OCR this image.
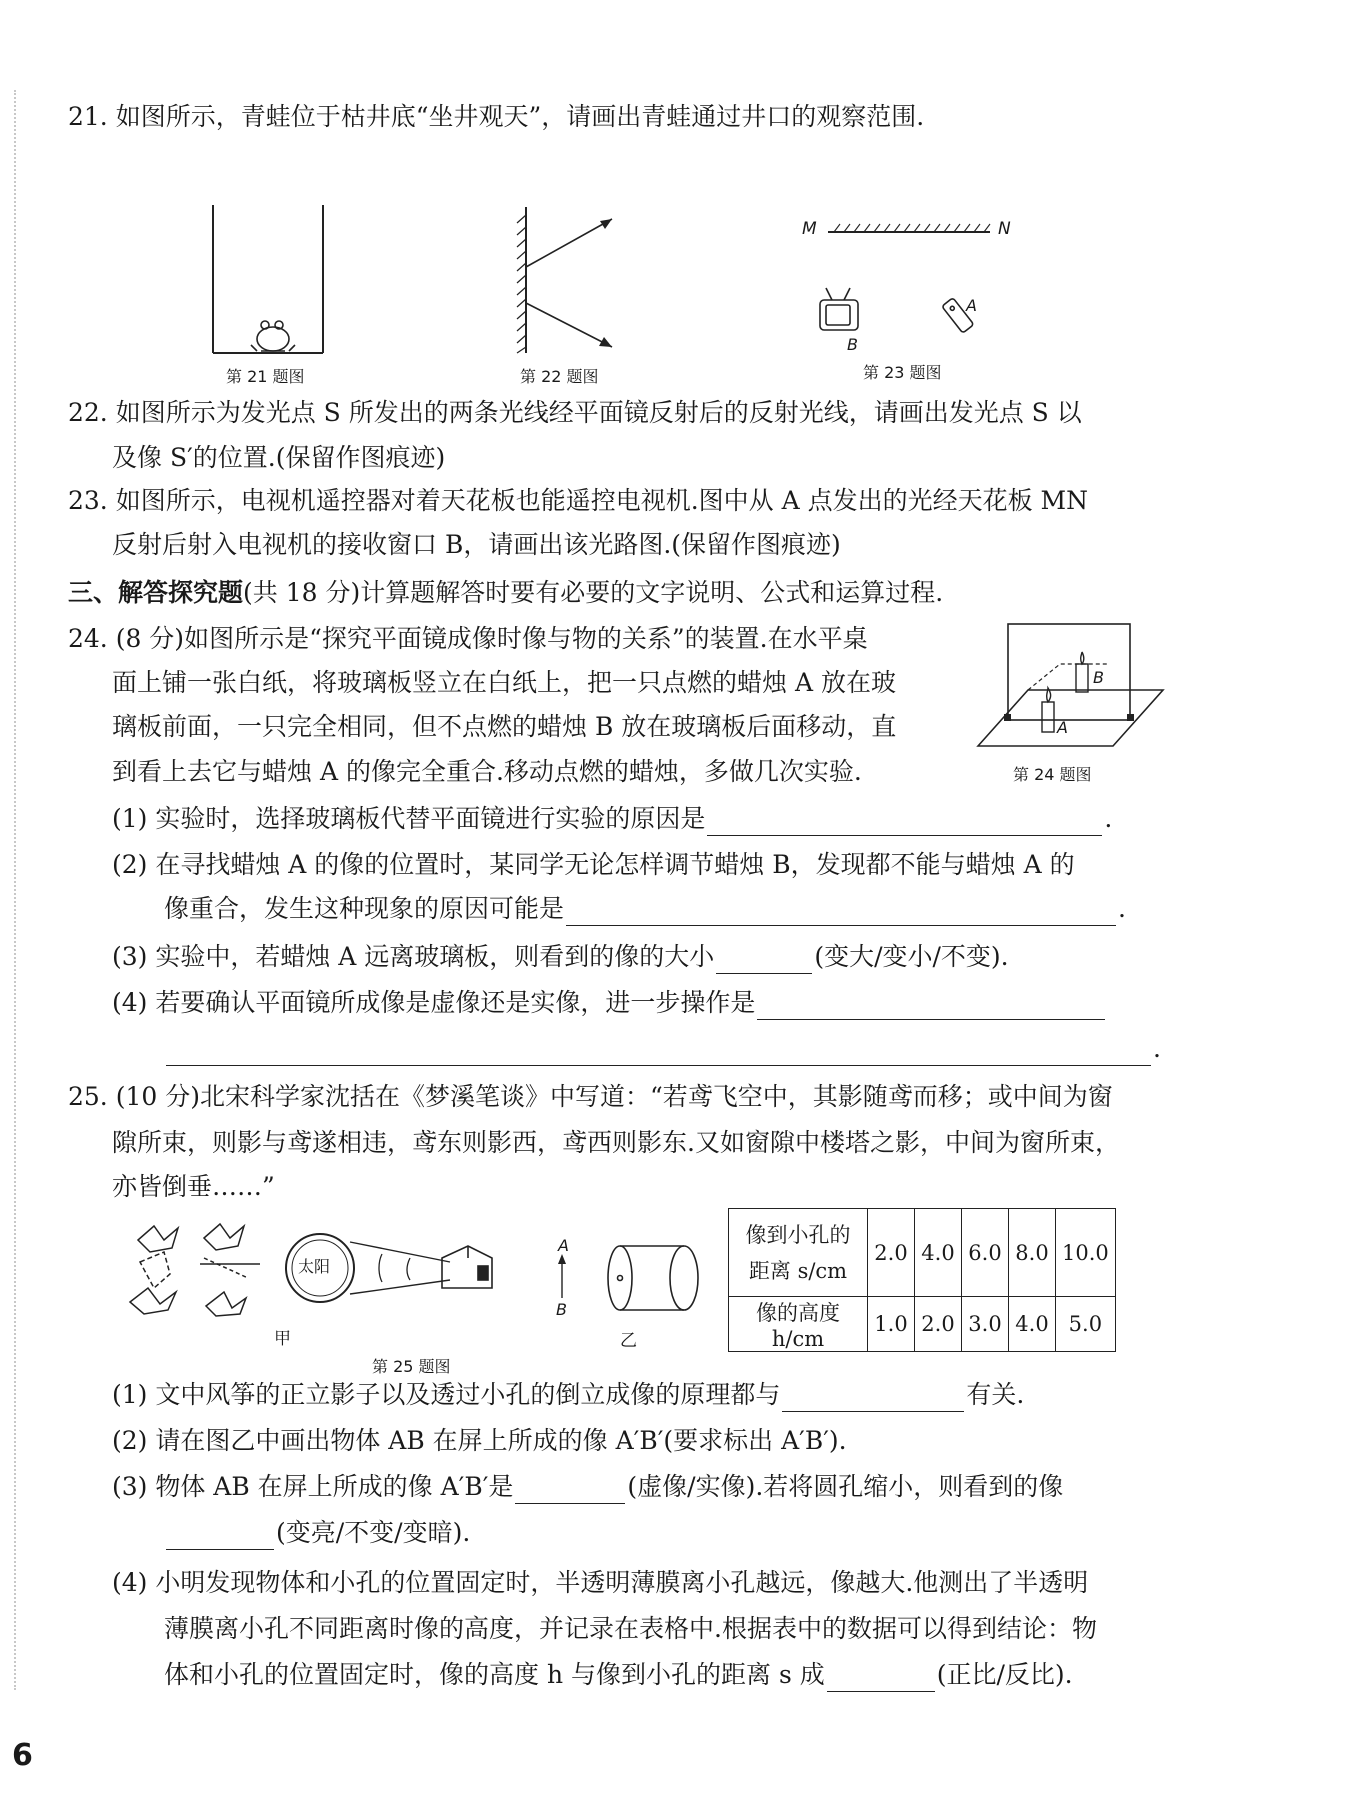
21. 如图所示，青蛙位于枯井底“坐井观天”，请画出青蛙通过井口的观察范围.
第 21 题图	第 22 题图
M	N
A
B
第 23 题图
22. 如图所示为发光点 S 所发出的两条光线经平面镜反射后的反射光线，请画出发光点 S 以
及像 S′的位置.(保留作图痕迹)
23. 如图所示，电视机遥控器对着天花板也能遥控电视机.图中从 A 点发出的光经天花板 MN
反射后射入电视机的接收窗口 B，请画出该光路图.(保留作图痕迹)
三、解答探究题(共 18 分)计算题解答时要有必要的文字说明、公式和运算过程.
24. (8 分)如图所示是“探究平面镜成像时像与物的关系”的装置.在水平桌
面上铺一张白纸，将玻璃板竖立在白纸上，把一只点燃的蜡烛 A 放在玻
璃板前面，一只完全相同，但不点燃的蜡烛 B 放在玻璃板后面移动，直
到看上去它与蜡烛 A 的像完全重合.移动点燃的蜡烛，多做几次实验.
B
A
第 24 题图
(1) 实验时，选择玻璃板代替平面镜进行实验的原因是	.
(2) 在寻找蜡烛 A 的像的位置时，某同学无论怎样调节蜡烛 B，发现都不能与蜡烛 A 的
像重合，发生这种现象的原因可能是	.
(3) 实验中，若蜡烛 A 远离玻璃板，则看到的像的大小	(变大/变小/不变).
(4) 若要确认平面镜所成像是虚像还是实像，进一步操作是
.
25. (10 分)北宋科学家沈括在《梦溪笔谈》中写道：“若鸢飞空中，其影随鸢而移；或中间为窗
隙所束，则影与鸢遂相违，鸢东则影西，鸢西则影东.又如窗隙中楼塔之影，中间为窗所束，
亦皆倒垂……”
太阳
甲
A
B
乙
第 25 题图
像到小孔的
距离 s/cm	2.0	4.0	6.0	8.0	10.0
像的高度 h/cm	1.0	2.0	3.0	4.0	5.0
(1) 文中风筝的正立影子以及透过小孔的倒立成像的原理都与	有关.
(2) 请在图乙中画出物体 AB 在屏上所成的像 A′B′(要求标出 A′B′).
(3) 物体 AB 在屏上所成的像 A′B′是	(虚像/实像).若将圆孔缩小，则看到的像
(变亮/不变/变暗).
(4) 小明发现物体和小孔的位置固定时，半透明薄膜离小孔越远，像越大.他测出了半透明
薄膜离小孔不同距离时像的高度，并记录在表格中.根据表中的数据可以得到结论：物
体和小孔的位置固定时，像的高度 h 与像到小孔的距离 s 成	(正比/反比).
6
